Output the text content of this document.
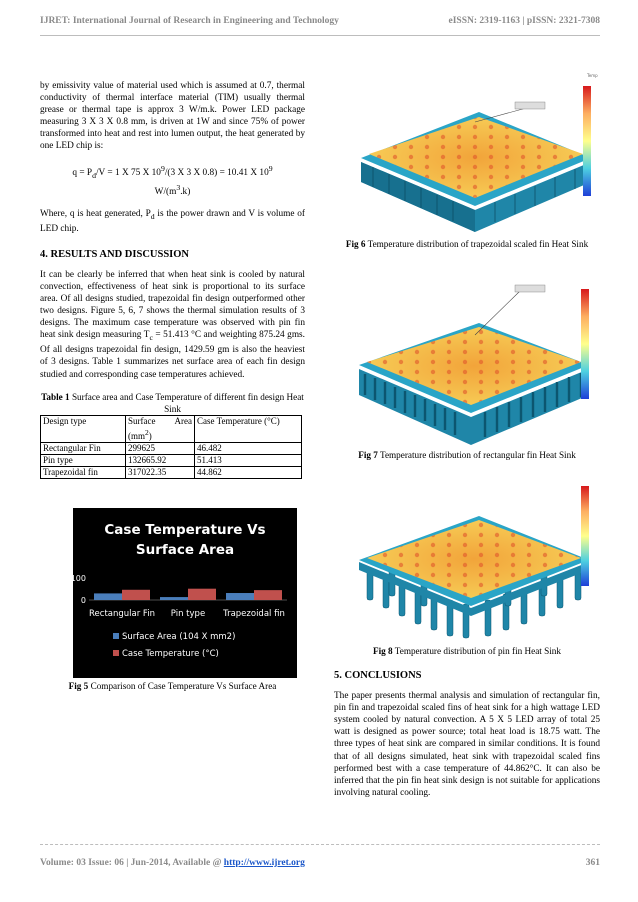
IJRET: International Journal of Research in Engineering and Technology	eISSN: 2319-1163 | pISSN: 2321-7308

by emissivity value of material used which is assumed at 0.7, thermal conductivity of thermal interface material (TIM) usually thermal grease or thermal tape is approx 3 W/m.k. Power LED package measuring 3 X 3 X 0.8 mm, is driven at 1W and since 75% of power transformed into heat and rest into lumen output, the heat generated by one LED chip is:

$q = P_d/V = 1$ X 75 X $10^9/(3$ X 3 X 0.8) = 10.41 X $10^9$
$W/(m^3.k)$

Where, q is heat generated, $P_d$ is the power drawn and V is volume of LED chip.

4. RESULTS AND DISCUSSION

It can be clearly be inferred that when heat sink is cooled by natural convection, effectiveness of heat sink is proportional to its surface area. Of all designs studied, trapezoidal fin design outperformed other two designs. Figure 5, 6, 7 shows the thermal simulation results of 3 designs. The maximum case temperature was observed with pin fin heat sink design measuring $T_c = 51.413$ °C and weighting 875.24 gms. Of all designs trapezoidal fin design, 1429.59 gm is also the heaviest of 3 designs. Table 1 summarizes net surface area of each fin design studied and corresponding case temperatures achieved.

Table 1 Surface area and Case Temperature of different fin design Heat Sink

Design type	Surface Area $(mm^2)$	Case Temperature (°C)
Rectangular Fin	299625	46.482
Pin type	132665.92	51.413
Trapezoidal fin	317022.35	44.862
Case Temperature Vs
Surface Area
100
0
Rectangular Fin Pin type Trapezoidal fin
Surface Area (104 X mm2)
Case Temperature (°C)
Fig 5 Comparison of Case Temperature Vs Surface Area
Temp
Fig 6 Temperature distribution of trapezoidal scaled fin Heat Sink
Fig 7 Temperature distribution of rectangular fin Heat Sink
Fig 8 Temperature distribution of pin fin Heat Sink

5. CONCLUSIONS

The paper presents thermal analysis and simulation of rectangular fin, pin fin and trapezoidal scaled fins of heat sink for a high wattage LED system cooled by natural convection. A 5 X 5 LED array of total 25 watt is designed as power source; total heat load is 18.75 watt. The three types of heat sink are compared in similar conditions. It is found that of all designs simulated, heat sink with trapezoidal scaled fins performed best with a case temperature of 44.862°C. It can also be inferred that the pin fin heat sink design is not suitable for applications involving natural cooling.

Volume: 03 Issue: 06 | Jun-2014, Available @ http://www.ijret.org	361
